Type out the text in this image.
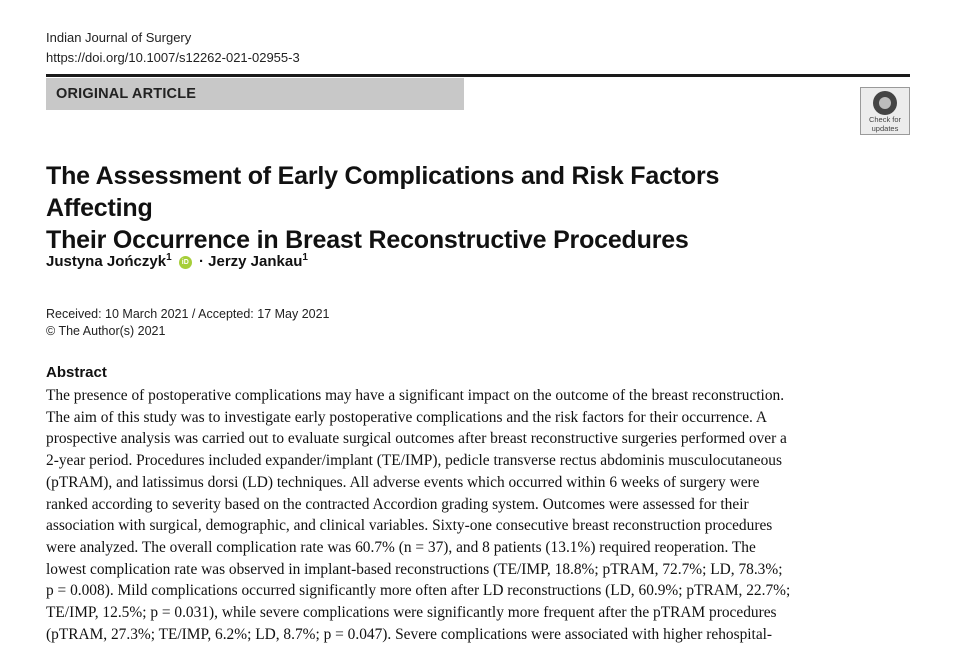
Indian Journal of Surgery
https://doi.org/10.1007/s12262-021-02955-3
ORIGINAL ARTICLE
Check for
updates
The Assessment of Early Complications and Risk Factors Affecting
Their Occurrence in Breast Reconstructive Procedures
Justyna Jończyk$^1$ iD · Jerzy Jankau$^1$
Received: 10 March 2021 / Accepted: 17 May 2021
© The Author(s) 2021
Abstract
The presence of postoperative complications may have a significant impact on the outcome of the breast reconstruction.
The aim of this study was to investigate early postoperative complications and the risk factors for their occurrence. A
prospective analysis was carried out to evaluate surgical outcomes after breast reconstructive surgeries performed over a
2-year period. Procedures included expander/implant (TE/IMP), pedicle transverse rectus abdominis musculocutaneous
(pTRAM), and latissimus dorsi (LD) techniques. All adverse events which occurred within 6 weeks of surgery were
ranked according to severity based on the contracted Accordion grading system. Outcomes were assessed for their
association with surgical, demographic, and clinical variables. Sixty-one consecutive breast reconstruction procedures
were analyzed. The overall complication rate was 60.7% (n = 37), and 8 patients (13.1%) required reoperation. The
lowest complication rate was observed in implant-based reconstructions (TE/IMP, 18.8%; pTRAM, 72.7%; LD, 78.3%;
p = 0.008). Mild complications occurred significantly more often after LD reconstructions (LD, 60.9%; pTRAM, 22.7%;
TE/IMP, 12.5%; p = 0.031), while severe complications were significantly more frequent after the pTRAM procedures
(pTRAM, 27.3%; TE/IMP, 6.2%; LD, 8.7%; p = 0.047). Severe complications were associated with higher rehospital-
